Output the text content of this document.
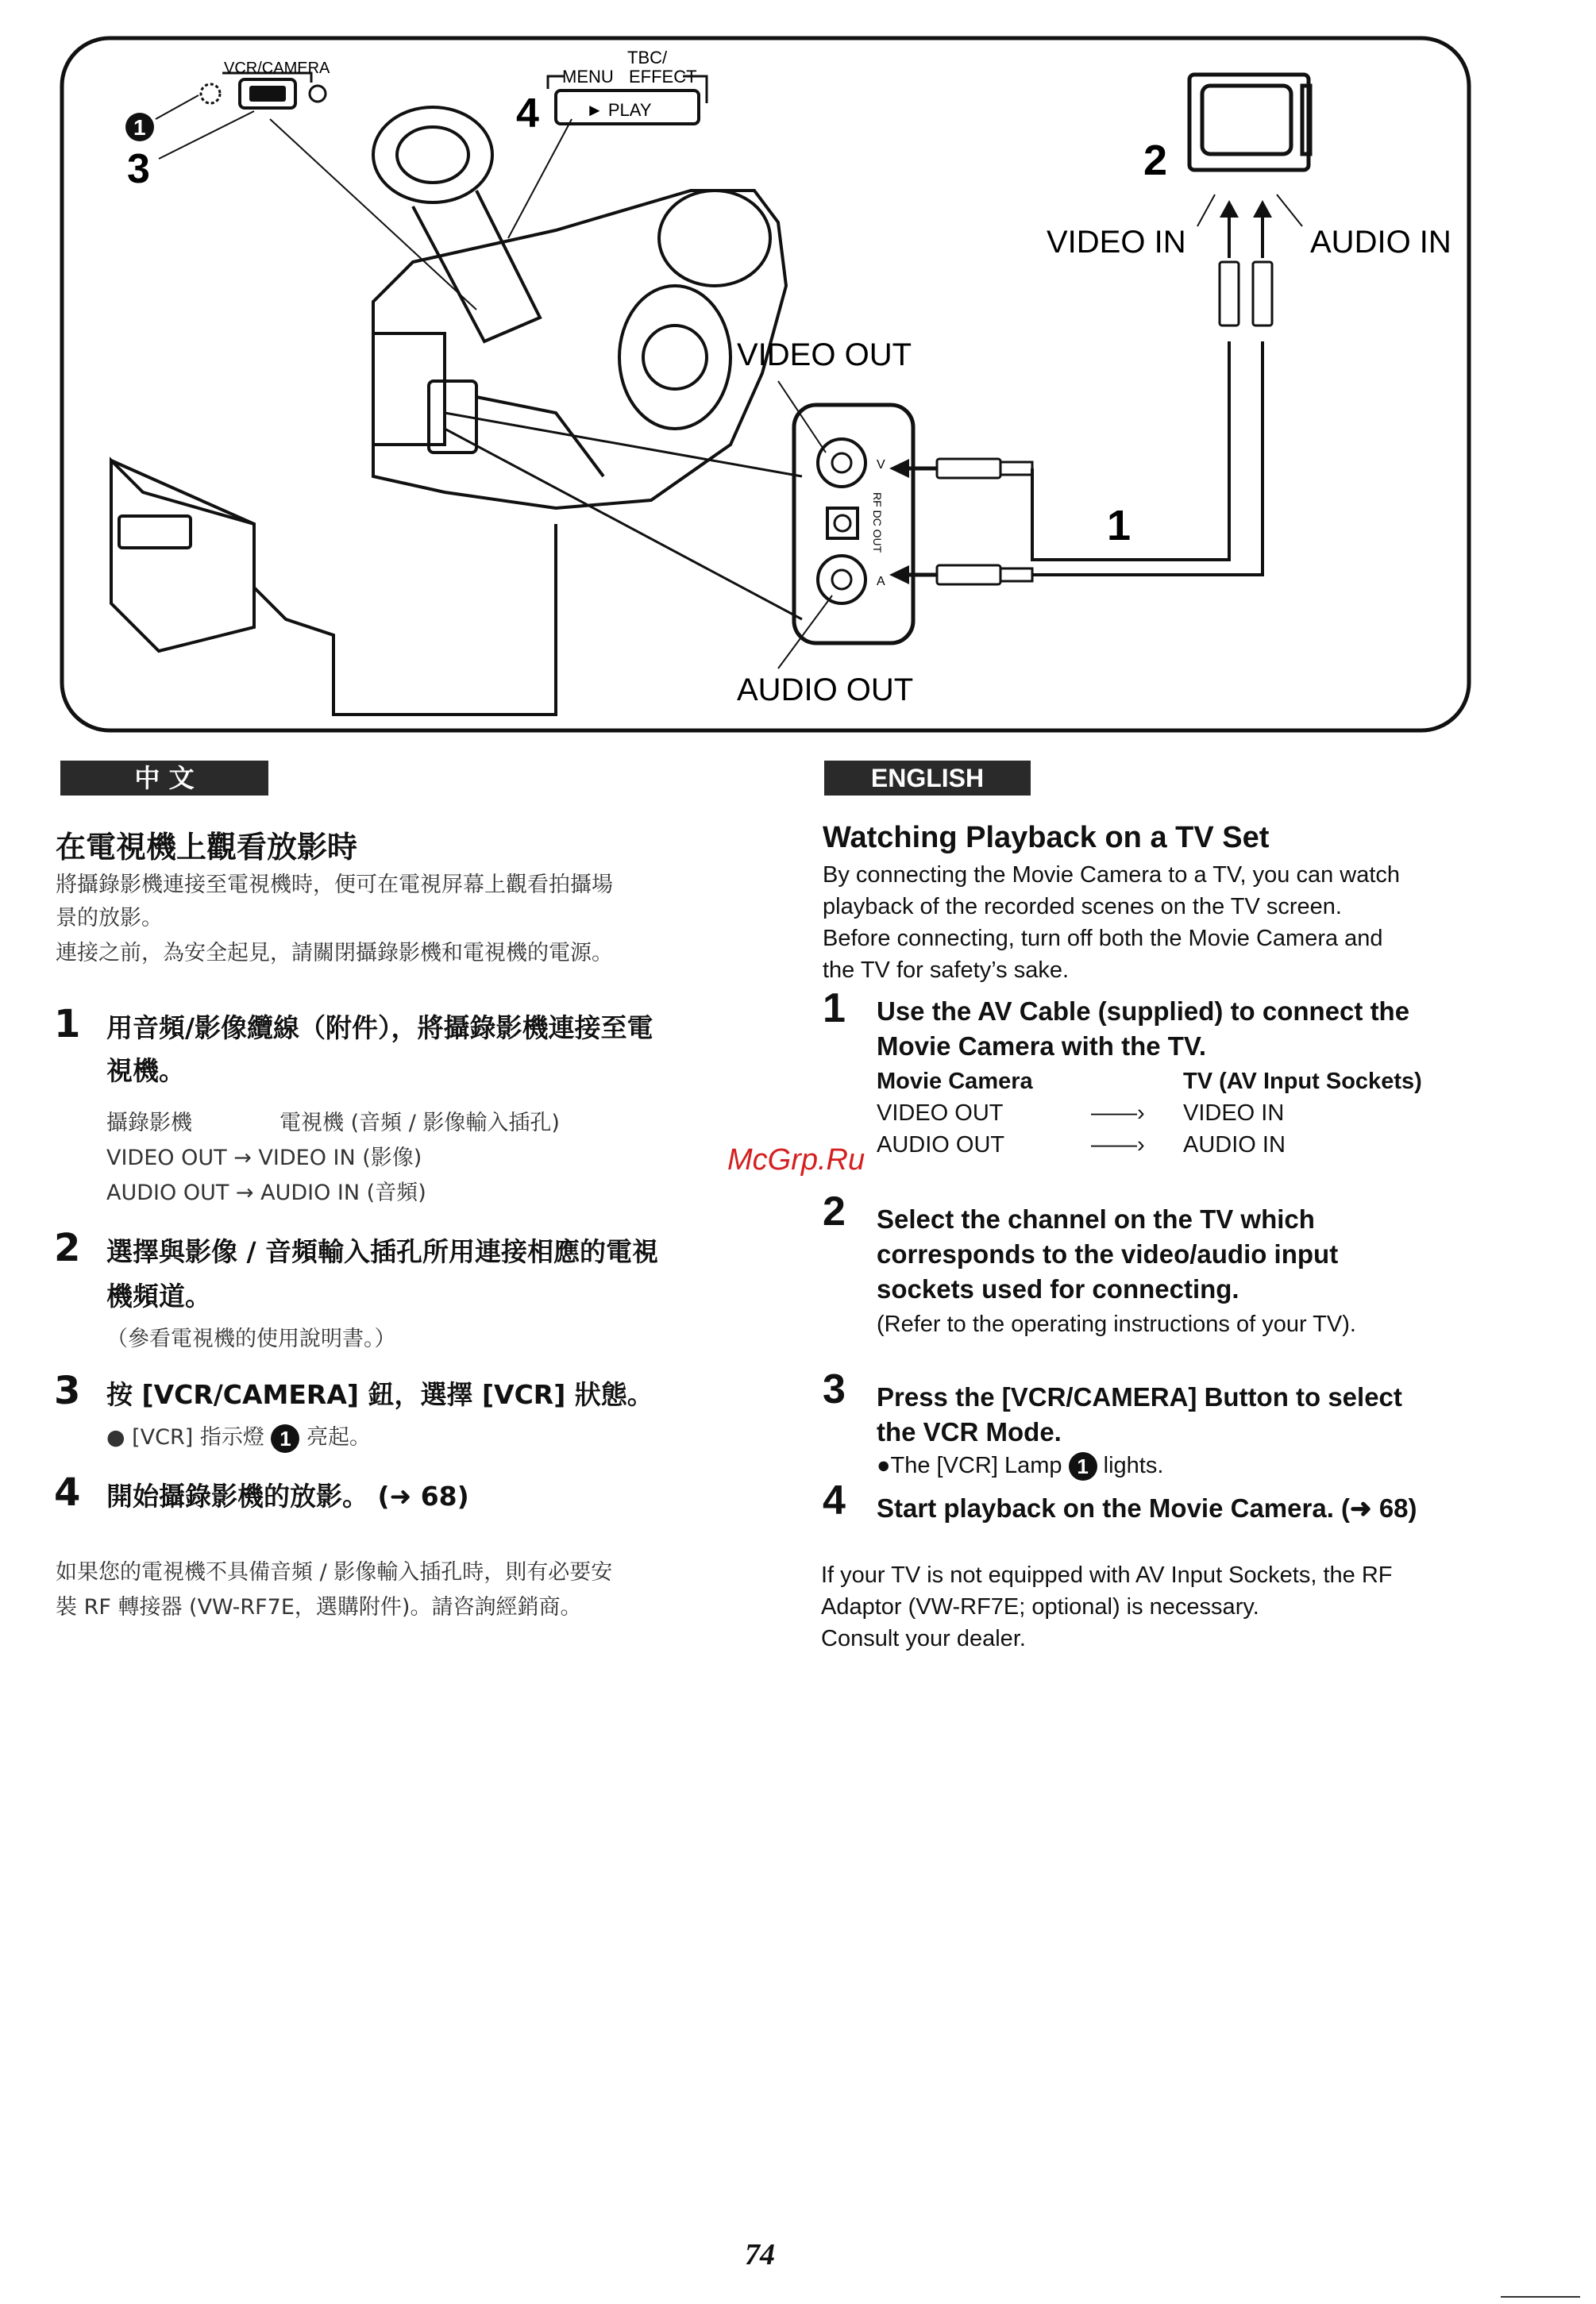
VCR/CAMERA
1
3
TBC/
MENU EFFECT
► PLAY
4
V
A
RF DC OUT
2
VIDEO IN	AUDIO IN
VIDEO OUT
AUDIO OUT
1
中 文
在電視機上觀看放影時
將攝錄影機連接至電視機時，便可在電視屏幕上觀看拍攝場
景的放影。
連接之前，為安全起見，請關閉攝錄影機和電視機的電源。
1 用音頻/影像纜線（附件），將攝錄影機連接至電
視機。
攝錄影機	電視機 (音頻 / 影像輸入插孔)
VIDEO OUT → VIDEO IN (影像)
AUDIO OUT → AUDIO IN (音頻)
2 選擇與影像 / 音頻輸入插孔所用連接相應的電視
機頻道。
（參看電視機的使用說明書。）
3 按 [VCR/CAMERA] 鈕，選擇 [VCR] 狀態。
● [VCR] 指示燈 1 亮起。
4 開始攝錄影機的放影。 (➜ 68)
如果您的電視機不具備音頻 / 影像輸入插孔時，則有必要安
裝 RF 轉接器 (VW-RF7E，選購附件)。請咨詢經銷商。
ENGLISH
Watching Playback on a TV Set
By connecting the Movie Camera to a TV, you can watch
playback of the recorded scenes on the TV screen.
Before connecting, turn off both the Movie Camera and
the TV for safety’s sake.
1 Use the AV Cable (supplied) to connect the
Movie Camera with the TV.
Movie Camera	TV (AV Input Sockets)
VIDEO OUT	——› VIDEO IN
AUDIO OUT	——› AUDIO IN
McGrp.Ru
2 Select the channel on the TV which
corresponds to the video/audio input
sockets used for connecting.
(Refer to the operating instructions of your TV).
3 Press the [VCR/CAMERA] Button to select
the VCR Mode.
●The [VCR] Lamp 1 lights.
4 Start playback on the Movie Camera. (➜ 68)
If your TV is not equipped with AV Input Sockets, the RF
Adaptor (VW-RF7E; optional) is necessary.
Consult your dealer.
74
